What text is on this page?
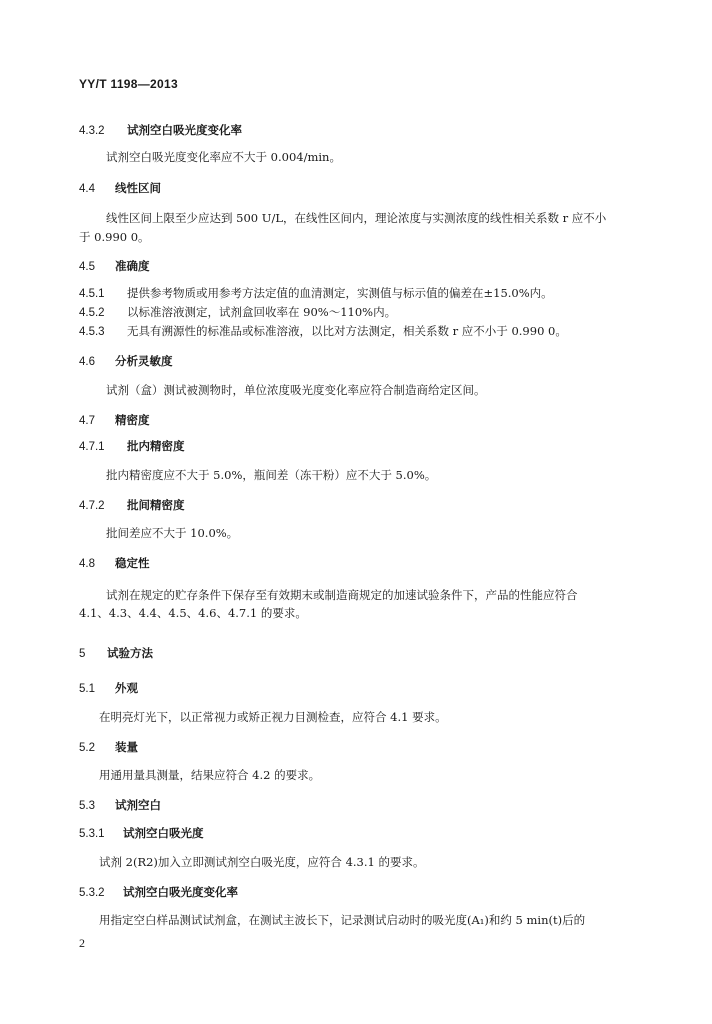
YY/T 1198—2013
4.3.2 试剂空白吸光度变化率
试剂空白吸光度变化率应不大于 0.004/min。
4.4 线性区间
线性区间上限至少应达到 500 U/L，在线性区间内，理论浓度与实测浓度的线性相关系数 r 应不小
于 0.990 0。
4.5 准确度
4.5.1 提供参考物质或用参考方法定值的血清测定，实测值与标示值的偏差在±15.0%内。
4.5.2 以标准溶液测定，试剂盒回收率在 90%～110%内。
4.5.3 无具有溯源性的标准品或标准溶液，以比对方法测定，相关系数 r 应不小于 0.990 0。
4.6 分析灵敏度
试剂（盒）测试被测物时，单位浓度吸光度变化率应符合制造商给定区间。
4.7 精密度
4.7.1 批内精密度
批内精密度应不大于 5.0%，瓶间差（冻干粉）应不大于 5.0%。
4.7.2 批间精密度
批间差应不大于 10.0%。
4.8 稳定性
试剂在规定的贮存条件下保存至有效期末或制造商规定的加速试验条件下，产品的性能应符合
4.1、4.3、4.4、4.5、4.6、4.7.1 的要求。
5 试验方法
5.1 外观
在明亮灯光下，以正常视力或矫正视力目测检查，应符合 4.1 要求。
5.2 装量
用通用量具测量，结果应符合 4.2 的要求。
5.3 试剂空白
5.3.1 试剂空白吸光度
试剂 2(R2)加入立即测试剂空白吸光度，应符合 4.3.1 的要求。
5.3.2 试剂空白吸光度变化率
用指定空白样品测试试剂盒，在测试主波长下，记录测试启动时的吸光度(A₁)和约 5 min(t)后的
2
